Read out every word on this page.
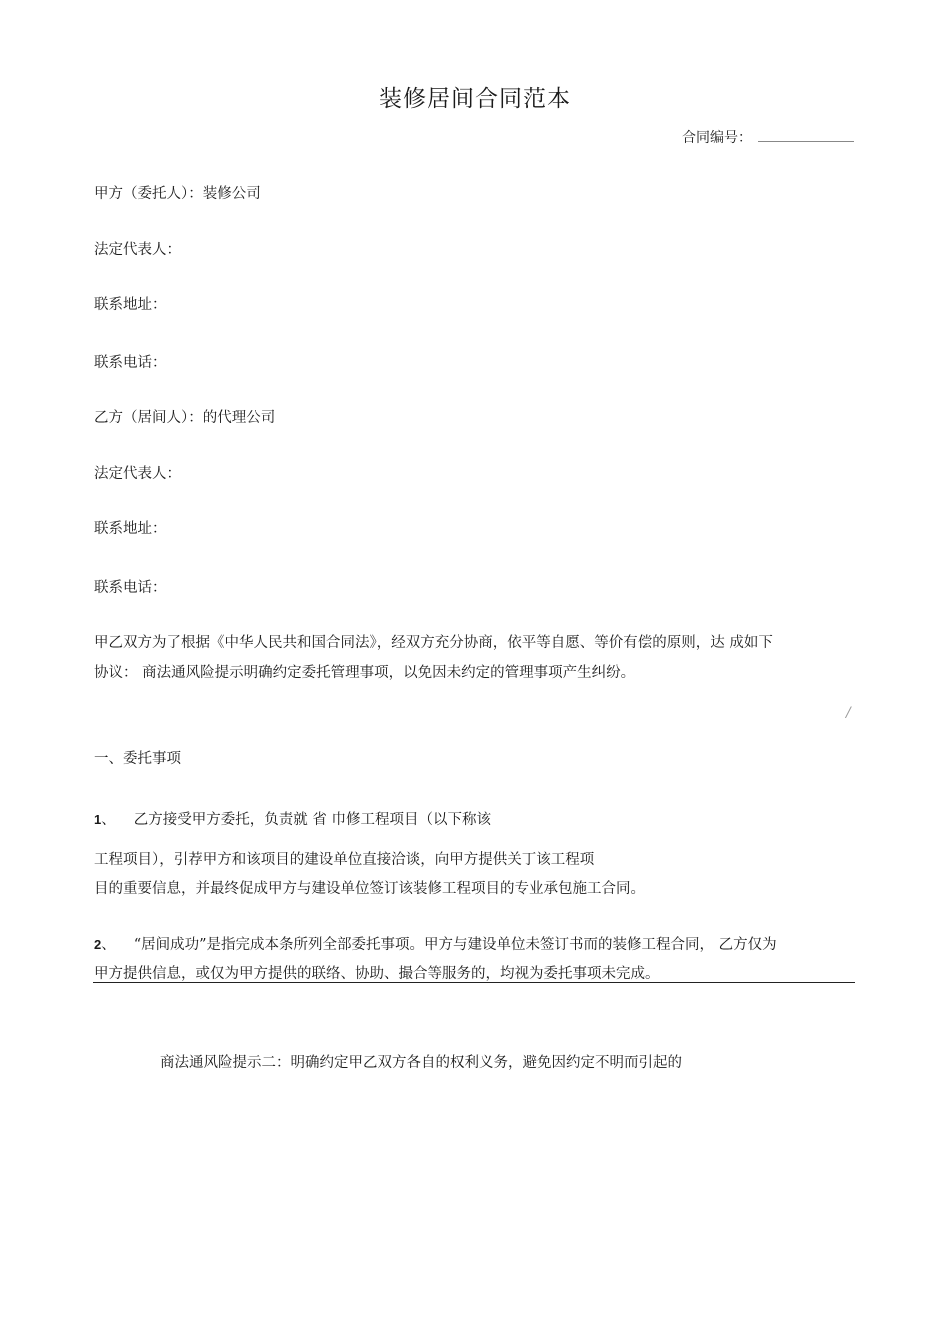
装修居间合同范本
合同编号：
甲方（委托人）：装修公司
法定代表人：
联系地址：
联系电话：
乙方（居间人）：的代理公司
法定代表人：
联系地址：
联系电话：
甲乙双方为了根据《中华人民共和国合同法》，经双方充分协商，依平等自愿、等价有偿的原则，达 成如下
协议： 商法通风险提示明确约定委托管理事项，以免因未约定的管理事项产生纠纷。
/
一、委托事项
1、 乙方接受甲方委托，负责就 省 巾修工程项目（以下称该
工程项目），引荐甲方和该项目的建设单位直接洽谈，向甲方提供关丁该工程项
目的重要信息，并最终促成甲方与建设单位签订该装修工程项目的专业承包施工合同。
2、 “居间成功”是指完成本条所列全部委托事项。甲方与建设单位未签订书而的装修工程合同， 乙方仅为
甲方提供信息，或仅为甲方提供的联络、协助、撮合等服务的，均视为委托事项未完成。
商法通风险提示二：明确约定甲乙双方各自的权利义务，避免因约定不明而引起的
